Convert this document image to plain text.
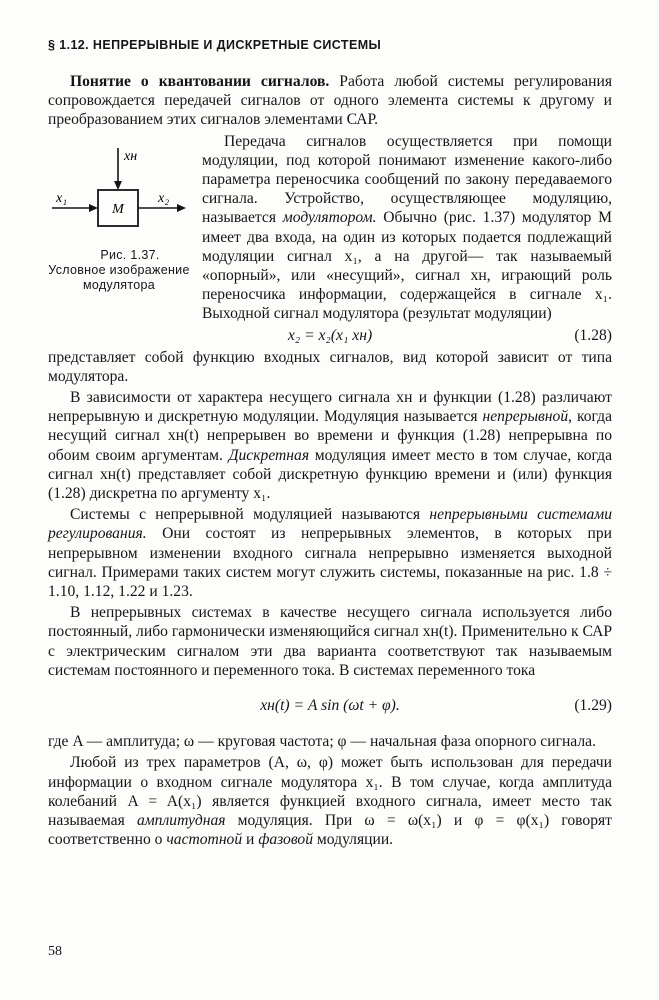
§ 1.12. НЕПРЕРЫВНЫЕ И ДИСКРЕТНЫЕ СИСТЕМЫ

Понятие о квантовании сигналов. Работа любой системы регулирования сопровождается передачей сигналов от одного элемента системы к другому и преобразованием этих сигналов элементами САР.

M
xн
x₁	x₂
Рис. 1.37. Условное изображение модулятора
Передача сигналов осуществляется при помощи модуляции, под которой понимают изменение какого-либо параметра переносчика сообщений по закону передаваемого сигнала. Устройство, осуществляющее модуляцию, называется модулятором. Обычно (рис. 1.37) модулятор М имеет два входа, на один из которых подается подлежащий модуляции сигнал x₁, а на другой— так называемый «опорный», или «несущий», сигнал xн, играющий роль переносчика информации, содержащейся в сигнале x₁. Выходной сигнал модулятора (результат модуляции)

x₂ = x₂(x₁ xн)	(1.28)

представляет собой функцию входных сигналов, вид которой зависит от типа модулятора.

В зависимости от характера несущего сигнала xн и функции (1.28) различают непрерывную и дискретную модуляции. Модуляция называется непрерывной, когда несущий сигнал xн(t) непрерывен во времени и функция (1.28) непрерывна по обоим своим аргументам. Дискретная модуляция имеет место в том случае, когда сигнал xн(t) представляет собой дискретную функцию времени и (или) функция (1.28) дискретна по аргументу x₁.

Системы с непрерывной модуляцией называются непрерывными системами регулирования. Они состоят из непрерывных элементов, в которых при непрерывном изменении входного сигнала непрерывно изменяется выходной сигнал. Примерами таких систем могут служить системы, показанные на рис. 1.8 ÷ 1.10, 1.12, 1.22 и 1.23.

В непрерывных системах в качестве несущего сигнала используется либо постоянный, либо гармонически изменяющийся сигнал xн(t). Применительно к САР с электрическим сигналом эти два варианта соответствуют так называемым системам постоянного и переменного тока. В системах переменного тока

xн(t) = A sin (ωt + φ).	(1.29)

где A — амплитуда; ω — круговая частота; φ — начальная фаза опорного сигнала.

Любой из трех параметров (A, ω, φ) может быть использован для передачи информации о входном сигнале модулятора x₁. В том случае, когда амплитуда колебаний A = A(x₁) является функцией входного сигнала, имеет место так называемая амплитудная модуляция. При ω = ω(x₁) и φ = φ(x₁) говорят соответственно о частотной и фазовой модуляции.

58
